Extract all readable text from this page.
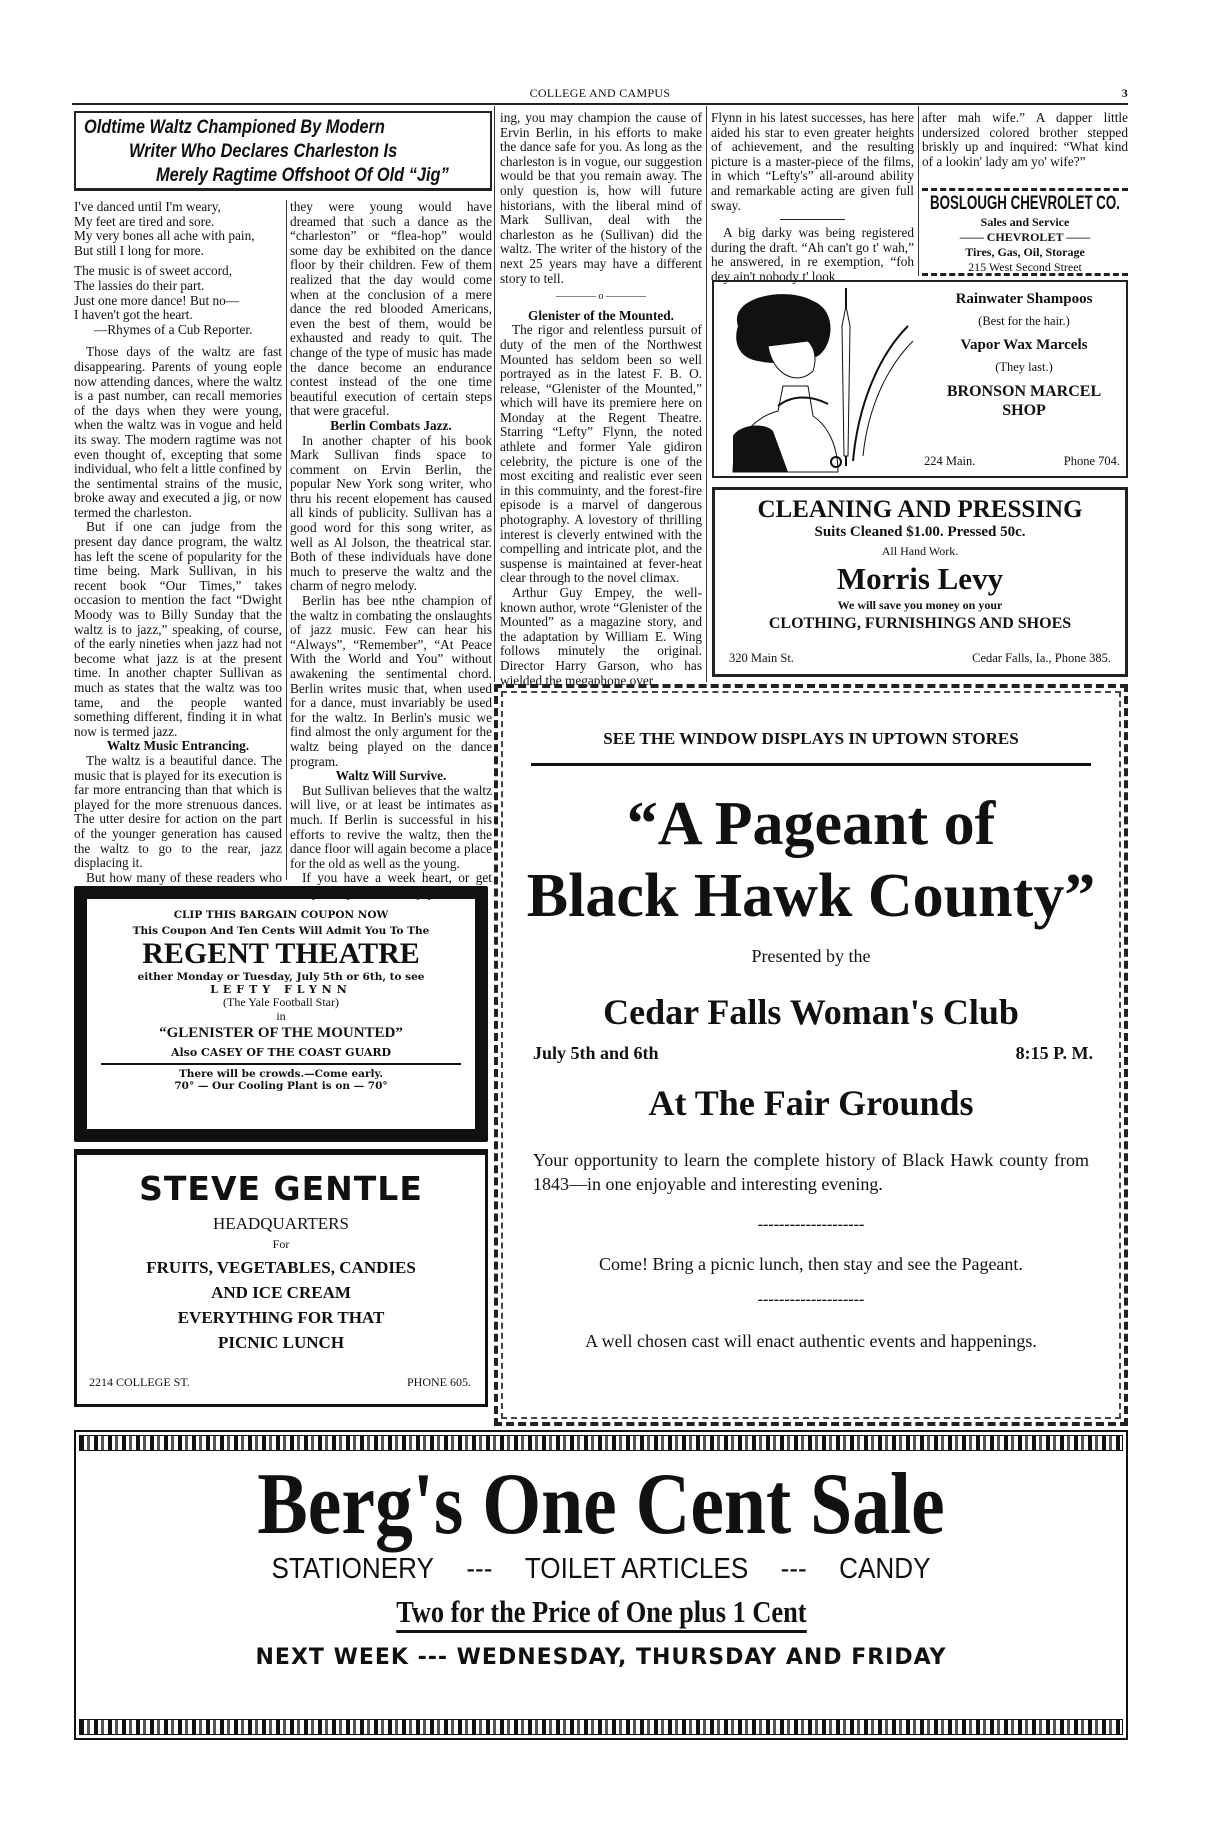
COLLEGE AND CAMPUS	3
Oldtime Waltz Championed By Modern
Writer Who Declares Charleston Is
Merely Ragtime Offshoot Of Old “Jig”

I've danced until I'm weary,
My feet are tired and sore.
My very bones all ache with pain,
But still I long for more.

The music is of sweet accord,
The lassies do their part.
Just one more dance! But no—
I haven't got the heart.

—Rhymes of a Cub Reporter.

Those days of the waltz are fast disappearing. Parents of young eople now attending dances, where the waltz is a past number, can recall memories of the days when they were young, when the waltz was in vogue and held its sway. The modern ragtime was not even thought of, excepting that some individual, who felt a little confined by the sentimental strains of the music, broke away and executed a jig, or now termed the charleston.

But if one can judge from the present day dance program, the waltz has left the scene of popularity for the time being. Mark Sullivan, in his recent book “Our Times,” takes occasion to mention the fact “Dwight Moody was to Billy Sunday that the waltz is to jazz,” speaking, of course, of the early nineties when jazz had not become what jazz is at the present time. In another chapter Sullivan as much as states that the waltz was too tame, and the people wanted something different, finding it in what now is termed jazz.

Waltz Music Entrancing.

The waltz is a beautiful dance. The music that is played for its execution is far more entrancing than that which is played for the more strenuous dances. The utter desire for action on the part of the younger generation has caused the waltz to go to the rear, jazz displacing it.

But how many of these readers who attended the dances when

they were young would have dreamed that such a dance as the “charleston” or “flea-hop” would some day be exhibited on the dance floor by their children. Few of them realized that the day would come when at the conclusion of a mere dance the red blooded Americans, even the best of them, would be exhausted and ready to quit. The change of the type of music has made the dance become an endurance contest instead of the one time beautiful execution of certain steps that were graceful.

Berlin Combats Jazz.

In another chapter of his book Mark Sullivan finds space to comment on Ervin Berlin, the popular New York song writer, who thru his recent elopement has caused all kinds of publicity. Sullivan has a good word for this song writer, as well as Al Jolson, the theatrical star. Both of these individuals have done much to preserve the waltz and the charm of negro melody.

Berlin has bee nthe champion of the waltz in combating the onslaughts of jazz music. Few can hear his “Always”, “Remember”, “At Peace With the World and You” without awakening the sentimental chord. Berlin writes music that, when used for a dance, must invariably be used for the waltz. In Berlin's music we find almost the only argument for the waltz being played on the dance program.

Waltz Will Survive.

But Sullivan believes that the waltz will live, or at least be intimates as much. If Berlin is successful in his efforts to revive the waltz, then the dance floor will again become a place for the old as well as the young.

If you have a week heart, or get dizzy easily, and still enjoy danc-

ing, you may champion the cause of Ervin Berlin, in his efforts to make the dance safe for you. As long as the charleston is in vogue, our suggestion would be that you remain away. The only question is, how will future historians, with the liberal mind of Mark Sullivan, deal with the charleston as he (Sullivan) did the waltz. The writer of the history of the next 25 years may have a different story to tell.

———— o ————

Glenister of the Mounted.

The rigor and relentless pursuit of duty of the men of the Northwest Mounted has seldom been so well portrayed as in the latest F. B. O. release, “Glenister of the Mounted,” which will have its premiere here on Monday at the Regent Theatre. Starring “Lefty” Flynn, the noted athlete and former Yale gidiron celebrity, the picture is one of the most exciting and realistic ever seen in this commuinty, and the forest-fire episode is a marvel of dangerous photography. A lovestory of thrilling interest is cleverly entwined with the compelling and intricate plot, and the suspense is maintained at fever-heat clear through to the novel climax.

Arthur Guy Empey, the well-known author, wrote “Glenister of the Mounted” as a magazine story, and the adaptation by William E. Wing follows minutely the original. Director Harry Garson, who has wielded the megaphone over

Flynn in his latest successes, has here aided his star to even greater heights of achievement, and the resulting picture is a master-piece of the films, in which “Lefty's” all-around ability and remarkable acting are given full sway.

A big darky was being registered during the draft. “Ah can't go t' wah,” he answered, in re exemption, “foh dey ain't nobody t' look

after mah wife.” A dapper little undersized colored brother stepped briskly up and inquired: “What kind of a lookin' lady am yo' wife?”

BOSLOUGH CHEVROLET CO.
Sales and Service
—— CHEVROLET ——
Tires, Gas, Oil, Storage
215 West Second Street
Rainwater Shampoos
(Best for the hair.)
Vapor Wax Marcels
(They last.)
BRONSON MARCEL
SHOP
224 Main.	Phone 704.
CLEANING AND PRESSING
Suits Cleaned $1.00. Pressed 50c.
All Hand Work.
Morris Levy
We will save you money on your
CLOTHING, FURNISHINGS AND SHOES
320 Main St.	Cedar Falls, Ia., Phone 385.
CLIP THIS BARGAIN COUPON NOW
This Coupon And Ten Cents Will Admit You To The
REGENT THEATRE
either Monday or Tuesday, July 5th or 6th, to see
LEFTY FLYNN
(The Yale Football Star)
in
“GLENISTER OF THE MOUNTED”
Also CASEY OF THE COAST GUARD
There will be crowds.—Come early.
70° — Our Cooling Plant is on — 70°
STEVE GENTLE
HEADQUARTERS
For
FRUITS, VEGETABLES, CANDIES
AND ICE CREAM
EVERYTHING FOR THAT
PICNIC LUNCH
2214 COLLEGE ST.	PHONE 605.
SEE THE WINDOW DISPLAYS IN UPTOWN STORES
“A Pageant of
Black Hawk County”
Presented by the
Cedar Falls Woman's Club
July 5th and 6th	8:15 P. M.
At The Fair Grounds
Your opportunity to learn the complete history of Black Hawk county from 1843—in one enjoyable and interesting evening.
--------------------
Come! Bring a picnic lunch, then stay and see the Pageant.
--------------------
A well chosen cast will enact authentic events and happenings.
Berg's One Cent Sale
STATIONERY --- TOILET ARTICLES --- CANDY
Two for the Price of One plus 1 Cent
NEXT WEEK --- WEDNESDAY, THURSDAY AND FRIDAY
